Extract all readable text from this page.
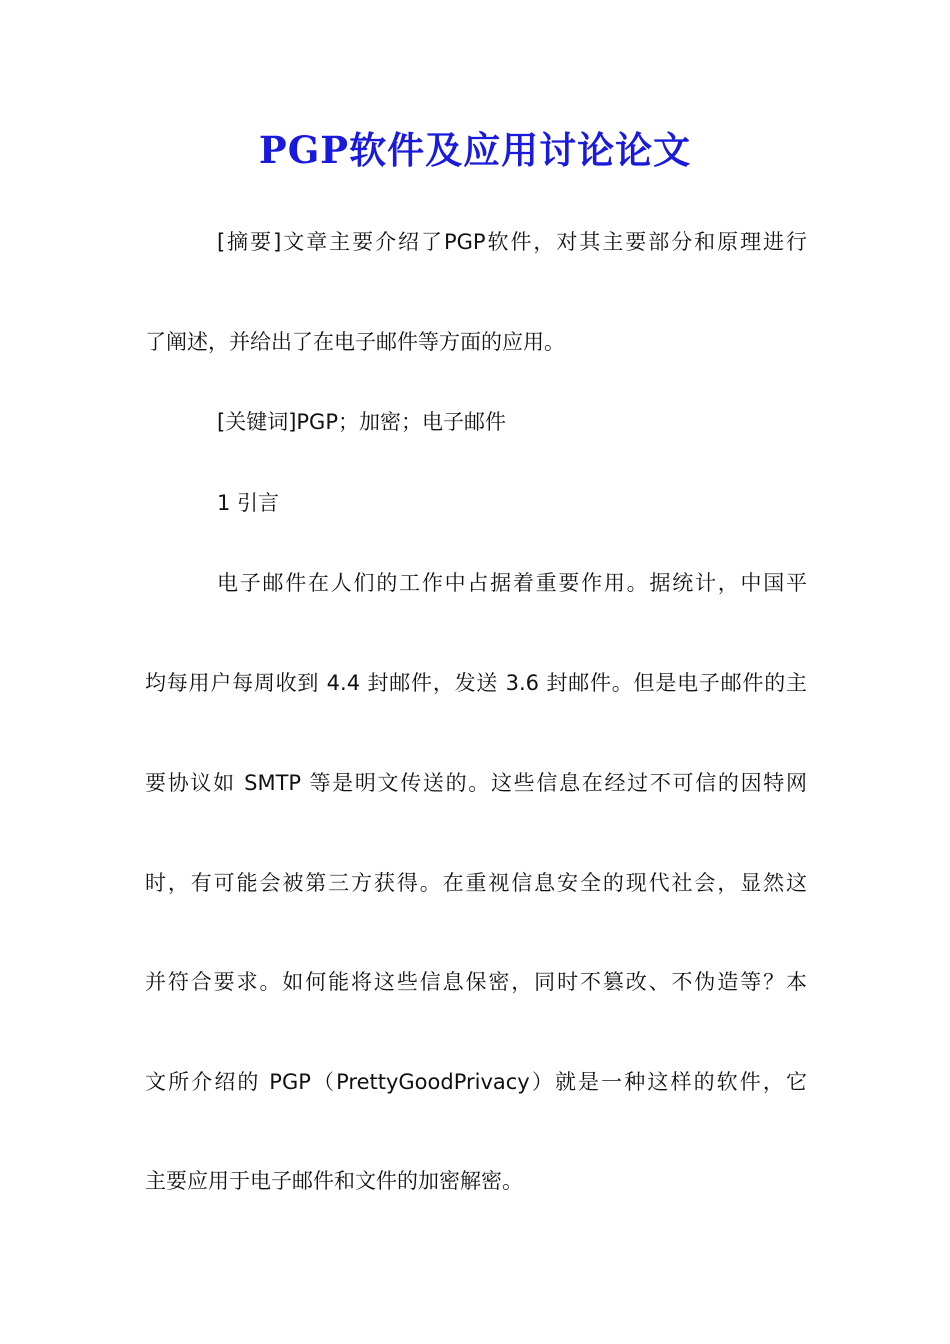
PGP软件及应用讨论论文

[摘要]文章主要介绍了PGP软件，对其主要部分和原理进行

了阐述，并给出了在电子邮件等方面的应用。

[关键词]PGP；加密；电子邮件

1 引言

电子邮件在人们的工作中占据着重要作用。据统计，中国平

均每用户每周收到 4.4 封邮件，发送 3.6 封邮件。但是电子邮件的主

要协议如 SMTP 等是明文传送的。这些信息在经过不可信的因特网

时，有可能会被第三方获得。在重视信息安全的现代社会，显然这

并符合要求。如何能将这些信息保密，同时不篡改、不伪造等？本

文所介绍的 PGP（PrettyGoodPrivacy）就是一种这样的软件，它

主要应用于电子邮件和文件的加密解密。
